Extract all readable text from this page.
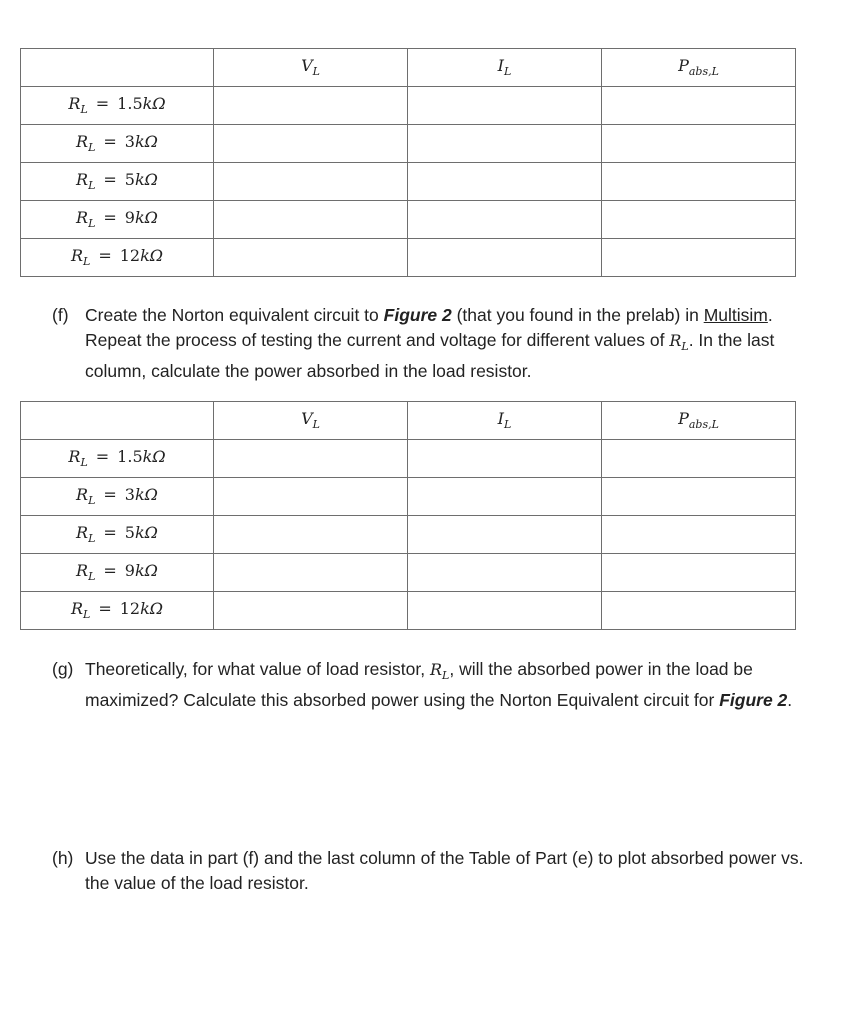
	$V_L$	$I_L$	$P_{abs,L}$
$R_L = 1.5k\Omega$			
$R_L = 3k\Omega$			
$R_L = 5k\Omega$			
$R_L = 9k\Omega$			
$R_L = 12k\Omega$			
(f) Create the Norton equivalent circuit to Figure 2 (that you found in the prelab) in Multisim. Repeat the process of testing the current and voltage for different values of $R_L$. In the last column, calculate the power absorbed in the load resistor.
	$V_L$	$I_L$	$P_{abs,L}$
$R_L = 1.5k\Omega$			
$R_L = 3k\Omega$			
$R_L = 5k\Omega$			
$R_L = 9k\Omega$			
$R_L = 12k\Omega$			
(g) Theoretically, for what value of load resistor, $R_L$, will the absorbed power in the load be maximized? Calculate this absorbed power using the Norton Equivalent circuit for Figure 2.
(h) Use the data in part (f) and the last column of the Table of Part (e) to plot absorbed power vs. the value of the load resistor.
